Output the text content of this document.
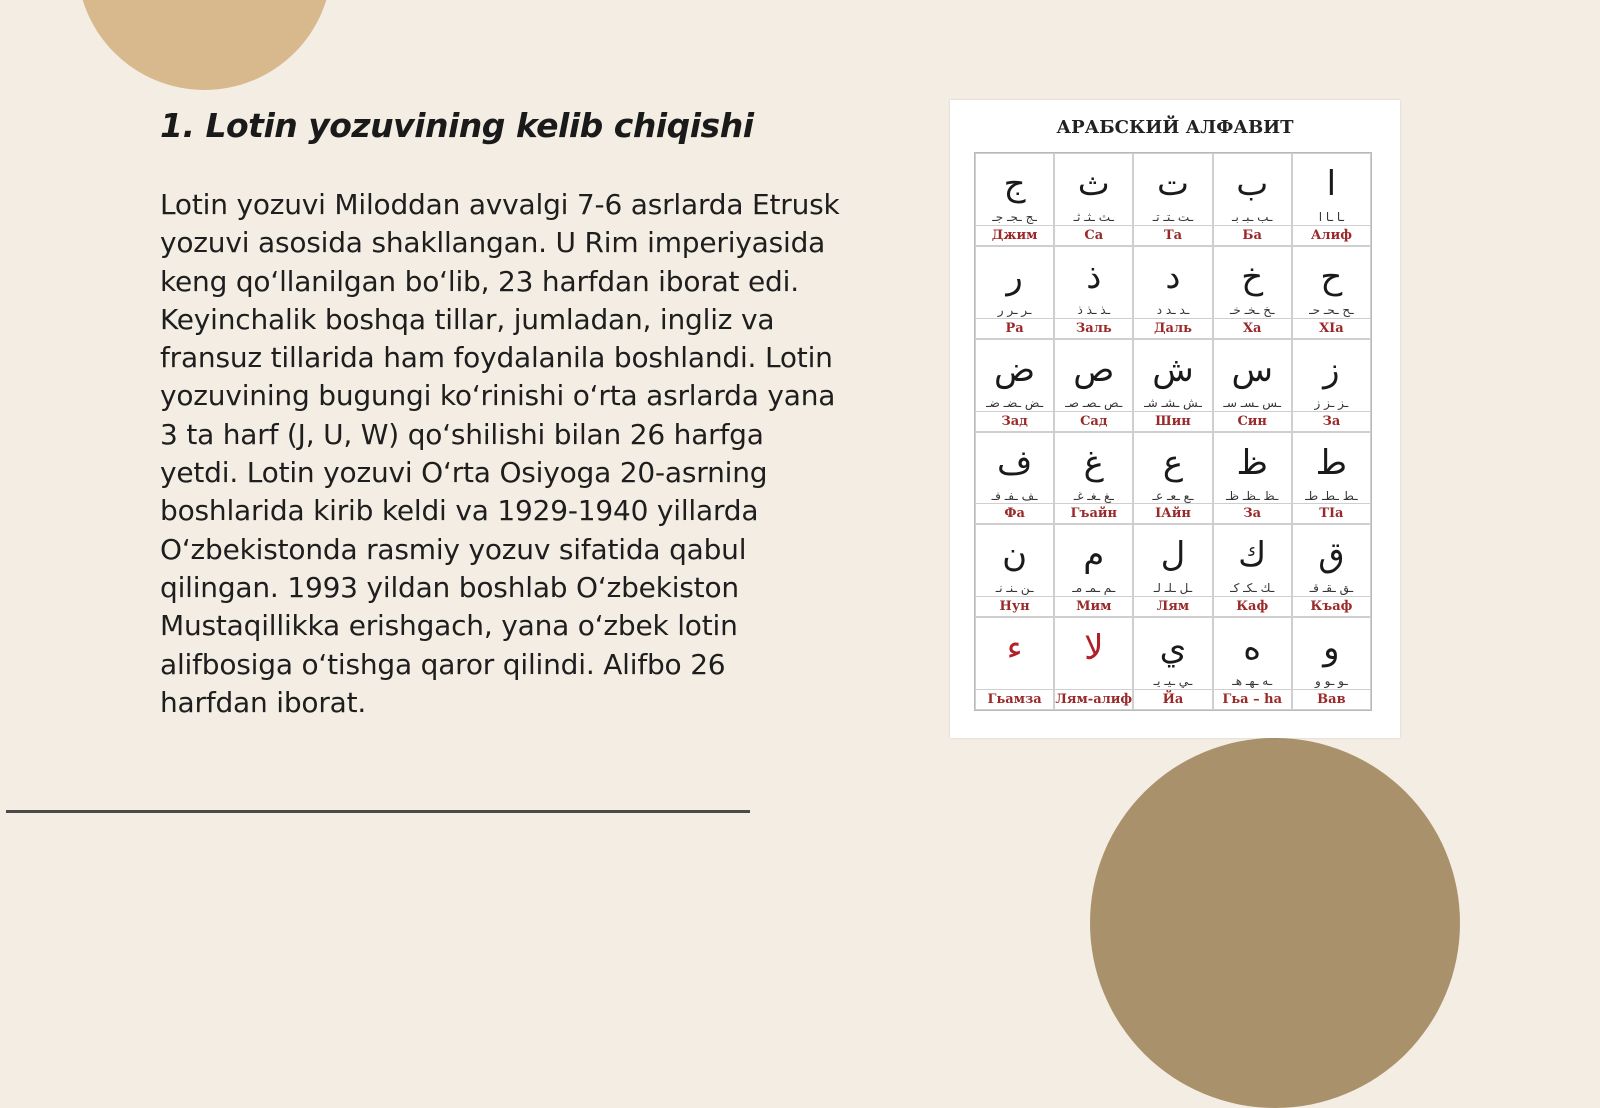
1. Lotin yozuvining kelib chiqishi

Lotin yozuvi Miloddan avvalgi 7-6 asrlarda Etrusk yozuvi asosida shakllangan. U Rim imperiyasida keng qo‘llanilgan bo‘lib, 23 harfdan iborat edi. Keyinchalik boshqa tillar, jumladan, ingliz va fransuz tillarida ham foydalanila boshlandi. Lotin yozuvining bugungi ko‘rinishi o‘rta asrlarda yana 3 ta harf (J, U, W) qo‘shilishi bilan 26 harfga yetdi. Lotin yozuvi O‘rta Osiyoga 20-asrning boshlarida kirib keldi va 1929-1940 yillarda O‘zbekistonda rasmiy yozuv sifatida qabul qilingan. 1993 yildan boshlab O‘zbekiston Mustaqillikka erishgach, yana o‘zbek lotin alifbosiga o‘tishga qaror qilindi. Alifbo 26 harfdan iborat.

АРАБСКИЙ АЛФАВИТ
ج
ـج ـجـ جـ
Джим
ث
ـث ـثـ ثـ
Са
ت
ـت ـتـ تـ
Та
ب
ـب ـبـ بـ
Ба
ا
ـا ـا ا
Алиф
ر
ـر ـر ر
Ра
ذ
ـذ ـذ ذ
Заль
د
ـد ـد د
Даль
خ
ـخ ـخـ خـ
Ха
ح
ـح ـحـ حـ
ХIа
ض
ـض ـضـ ضـ
Зад
ص
ـص ـصـ صـ
Сад
ش
ـش ـشـ شـ
Шин
س
ـس ـسـ سـ
Син
ز
ـز ـز ز
За
ف
ـف ـفـ فـ
Фа
غ
ـغ ـغـ غـ
Гъайн
ع
ـع ـعـ عـ
IАйн
ظ
ـظ ـظـ ظـ
За
ط
ـط ـطـ طـ
ТIа
ن
ـن ـنـ نـ
Нун
م
ـم ـمـ مـ
Мим
ل
ـل ـلـ لـ
Лям
ك
ـك ـكـ كـ
Каф
ق
ـق ـقـ قـ
Къаф
ء
Гьамза
لا
Лям-алиф
ي
ـي ـيـ يـ
Йа
ه
ـه ـهـ هـ
Гьа – hа
و
ـو ـو و
Вав
